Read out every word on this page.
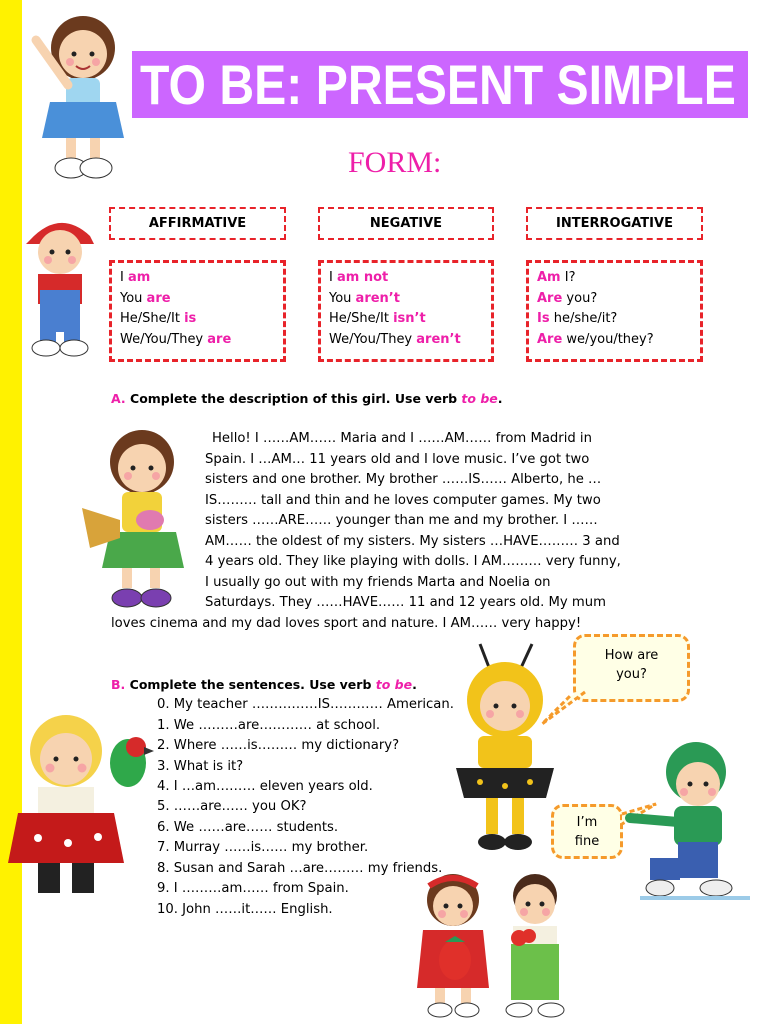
TO BE: PRESENT SIMPLE
FORM:
AFFIRMATIVE	NEGATIVE	INTERROGATIVE
I am
You are
He/She/It is
We/You/They are
I am not
You aren’t
He/She/It isn’t
We/You/They aren’t
Am I?
Are you?
Is he/she/it?
Are we/you/they?
A. Complete the description of this girl. Use verb to be.
Hello! I ……AM…… Maria and I ……AM…… from Madrid in
Spain. I …AM… 11 years old and I love music. I’ve got two
sisters and one brother. My brother ……IS…… Alberto, he …
IS……… tall and thin and he loves computer games. My two
sisters ……ARE…… younger than me and my brother. I ……
AM…… the oldest of my sisters. My sisters …HAVE……… 3 and
4 years old. They like playing with dolls. I AM……… very funny,
I usually go out with my friends Marta and Noelia on
Saturdays. They ……HAVE…… 11 and 12 years old. My mum
loves cinema and my dad loves sport and nature. I AM…… very happy!
B. Complete the sentences. Use verb to be.
0. My teacher ……………IS………… American.
1. We ………are………… at school.
2. Where ……is……… my dictionary?
3. What is it?
4. I …am……… eleven years old.
5. ……are…… you OK?
6. We ……are…… students.
7. Murray ……is…… my brother.
8. Susan and Sarah …are……… my friends.
9. I ………am…… from Spain.
10. John ……it…… English.
How are
you?
I’m
fine
